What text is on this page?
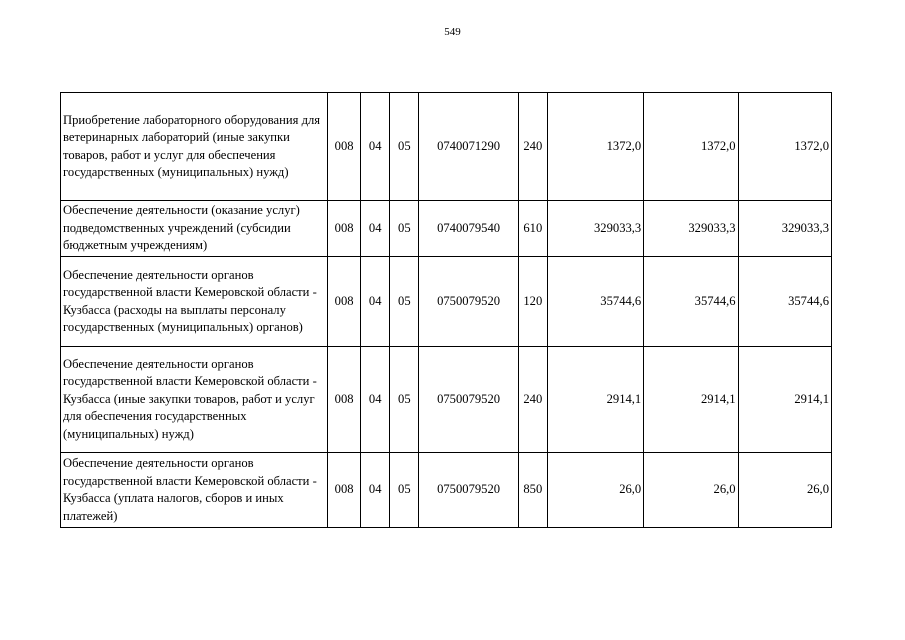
549
Приобретение лабораторного оборудования для ветеринарных лабораторий (иные закупки товаров, работ и услуг для обеспечения государственных (муниципальных) нужд)	008	04	05	0740071290	240	1372,0	1372,0	1372,0
Обеспечение деятельности (оказание услуг) подведомственных учреждений (субсидии бюджетным учреждениям)	008	04	05	0740079540	610	329033,3	329033,3	329033,3
Обеспечение деятельности органов государственной власти Кемеровской области - Кузбасса (расходы на выплаты персоналу государственных (муниципальных) органов)	008	04	05	0750079520	120	35744,6	35744,6	35744,6
Обеспечение деятельности органов государственной власти Кемеровской области - Кузбасса (иные закупки товаров, работ и услуг для обеспечения государственных (муниципальных) нужд)	008	04	05	0750079520	240	2914,1	2914,1	2914,1
Обеспечение деятельности органов государственной власти Кемеровской области - Кузбасса (уплата налогов, сборов и иных платежей)	008	04	05	0750079520	850	26,0	26,0	26,0
